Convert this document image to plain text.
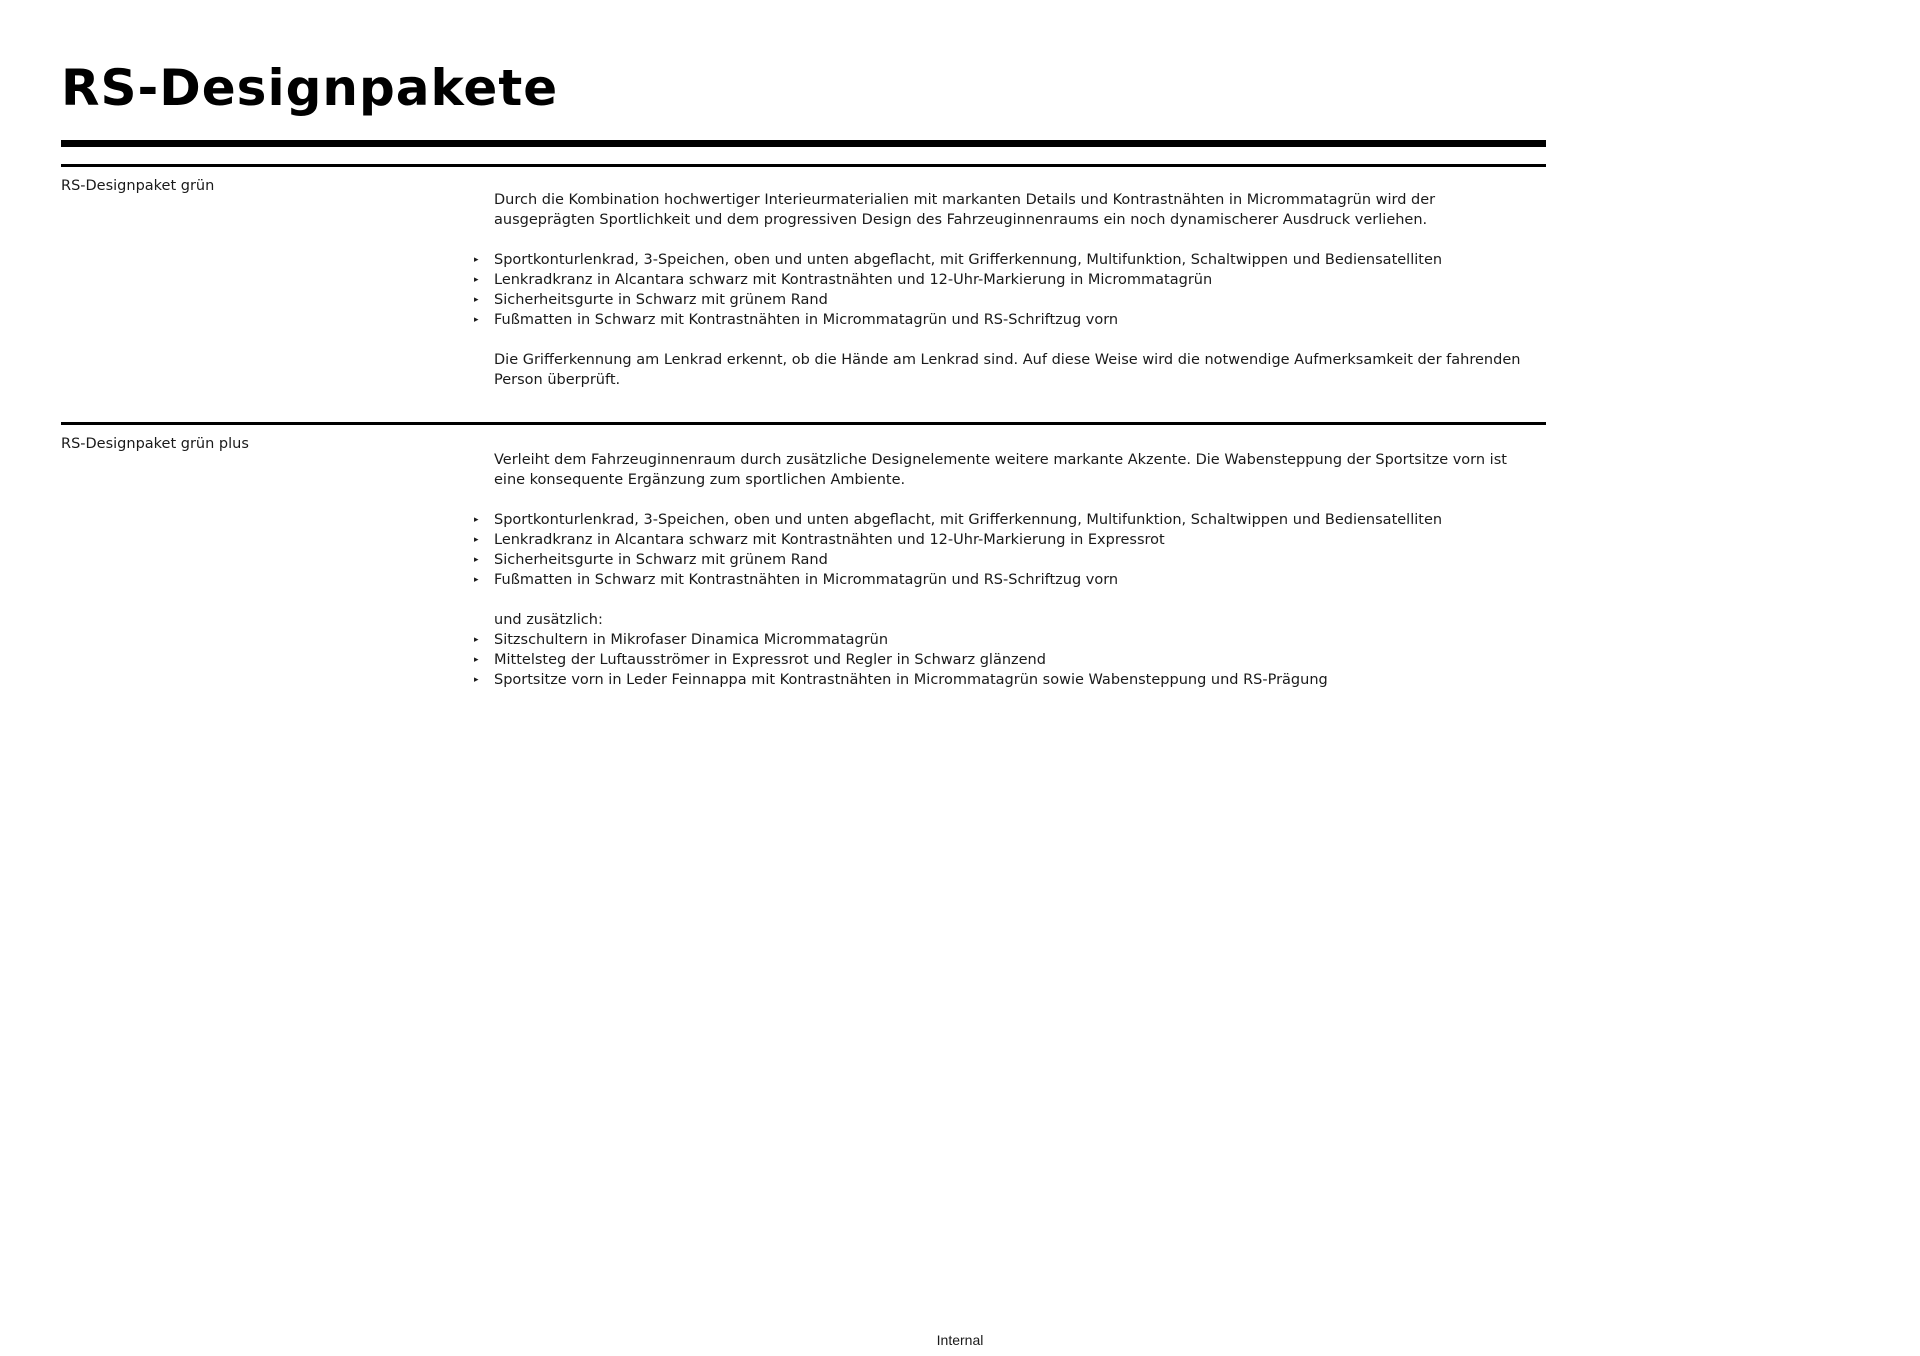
RS-Designpakete
RS-Designpaket grün

Durch die Kombination hochwertiger Interieurmaterialien mit markanten Details und Kontrastnähten in Micrommatagrün wird der ausgeprägten Sportlichkeit und dem progressiven Design des Fahrzeuginnenraums ein noch dynamischerer Ausdruck verliehen.

▸ Sportkonturlenkrad, 3-Speichen, oben und unten abgeflacht, mit Grifferkennung, Multifunktion, Schaltwippen und Bediensatelliten
▸ Lenkradkranz in Alcantara schwarz mit Kontrastnähten und 12-Uhr-Markierung in Micrommatagrün
▸ Sicherheitsgurte in Schwarz mit grünem Rand
▸ Fußmatten in Schwarz mit Kontrastnähten in Micrommatagrün und RS-Schriftzug vorn

Die Grifferkennung am Lenkrad erkennt, ob die Hände am Lenkrad sind. Auf diese Weise wird die notwendige Aufmerksamkeit der fahrenden Person überprüft.

RS-Designpaket grün plus

Verleiht dem Fahrzeuginnenraum durch zusätzliche Designelemente weitere markante Akzente. Die Wabensteppung der Sportsitze vorn ist eine konsequente Ergänzung zum sportlichen Ambiente.

▸ Sportkonturlenkrad, 3-Speichen, oben und unten abgeflacht, mit Grifferkennung, Multifunktion, Schaltwippen und Bediensatelliten
▸ Lenkradkranz in Alcantara schwarz mit Kontrastnähten und 12-Uhr-Markierung in Expressrot
▸ Sicherheitsgurte in Schwarz mit grünem Rand
▸ Fußmatten in Schwarz mit Kontrastnähten in Micrommatagrün und RS-Schriftzug vorn

und zusätzlich:

▸ Sitzschultern in Mikrofaser Dinamica Micrommatagrün
▸ Mittelsteg der Luftausströmer in Expressrot und Regler in Schwarz glänzend
▸ Sportsitze vorn in Leder Feinnappa mit Kontrastnähten in Micrommatagrün sowie Wabensteppung und RS-Prägung
Internal
